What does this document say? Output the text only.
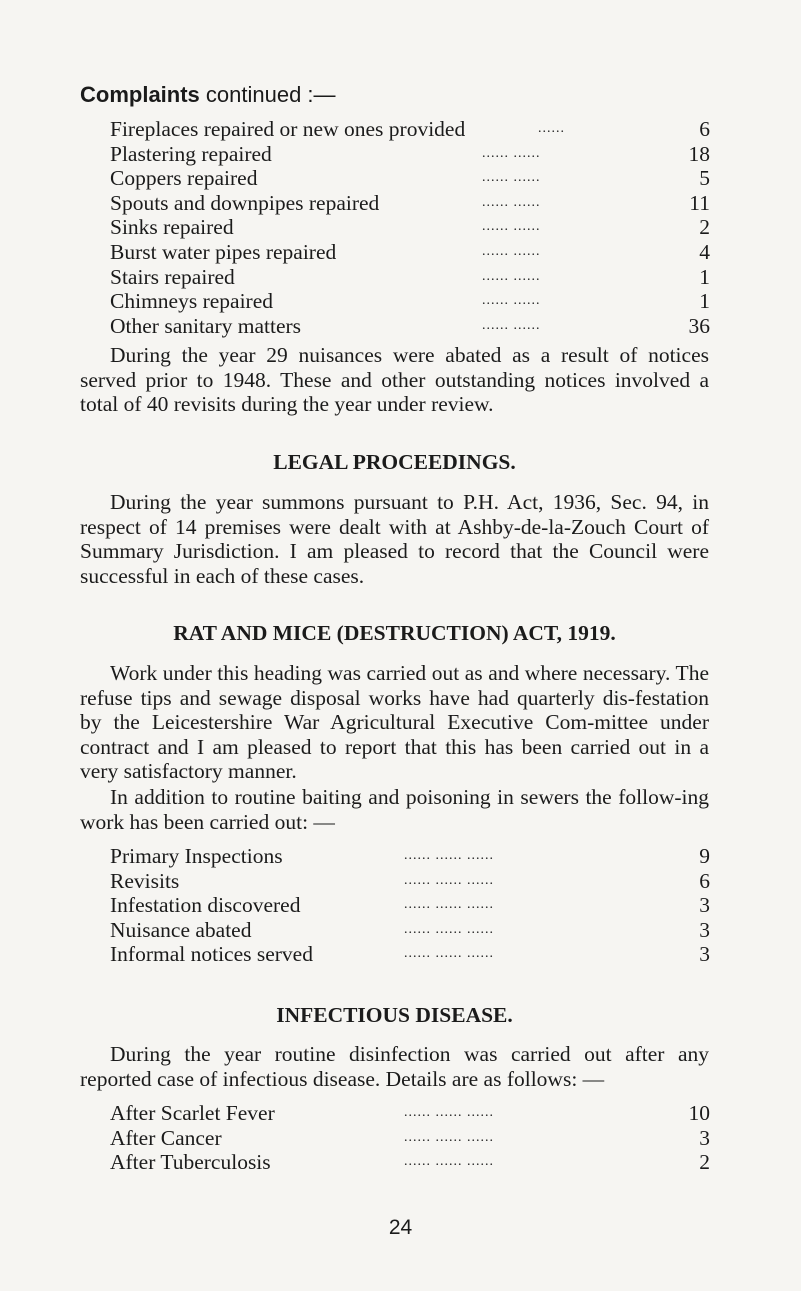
Complaints continued :—
Fireplaces repaired or new ones provided	......	6
Plastering repaired	...... ......	18
Coppers repaired	...... ......	5
Spouts and downpipes repaired	...... ......	11
Sinks repaired	...... ......	2
Burst water pipes repaired	...... ......	4
Stairs repaired	...... ......	1
Chimneys repaired	...... ......	1
Other sanitary matters	...... ......	36
During the year 29 nuisances were abated as a result of notices served prior to 1948. These and other outstanding notices involved a total of 40 revisits during the year under review.
LEGAL PROCEEDINGS.
During the year summons pursuant to P.H. Act, 1936, Sec. 94, in respect of 14 premises were dealt with at Ashby-de-la-Zouch Court of Summary Jurisdiction. I am pleased to record that the Council were successful in each of these cases.
RAT AND MICE (DESTRUCTION) ACT, 1919.
Work under this heading was carried out as and where necessary. The refuse tips and sewage disposal works have had quarterly dis-festation by the Leicestershire War Agricultural Executive Com-mittee under contract and I am pleased to report that this has been carried out in a very satisfactory manner.
In addition to routine baiting and poisoning in sewers the follow-ing work has been carried out: —
Primary Inspections	...... ...... ......	9
Revisits	...... ...... ......	6
Infestation discovered	...... ...... ......	3
Nuisance abated	...... ...... ......	3
Informal notices served	...... ...... ......	3
INFECTIOUS DISEASE.
During the year routine disinfection was carried out after any reported case of infectious disease. Details are as follows: —
After Scarlet Fever	...... ...... ......	10
After Cancer	...... ...... ......	3
After Tuberculosis	...... ...... ......	2
24
